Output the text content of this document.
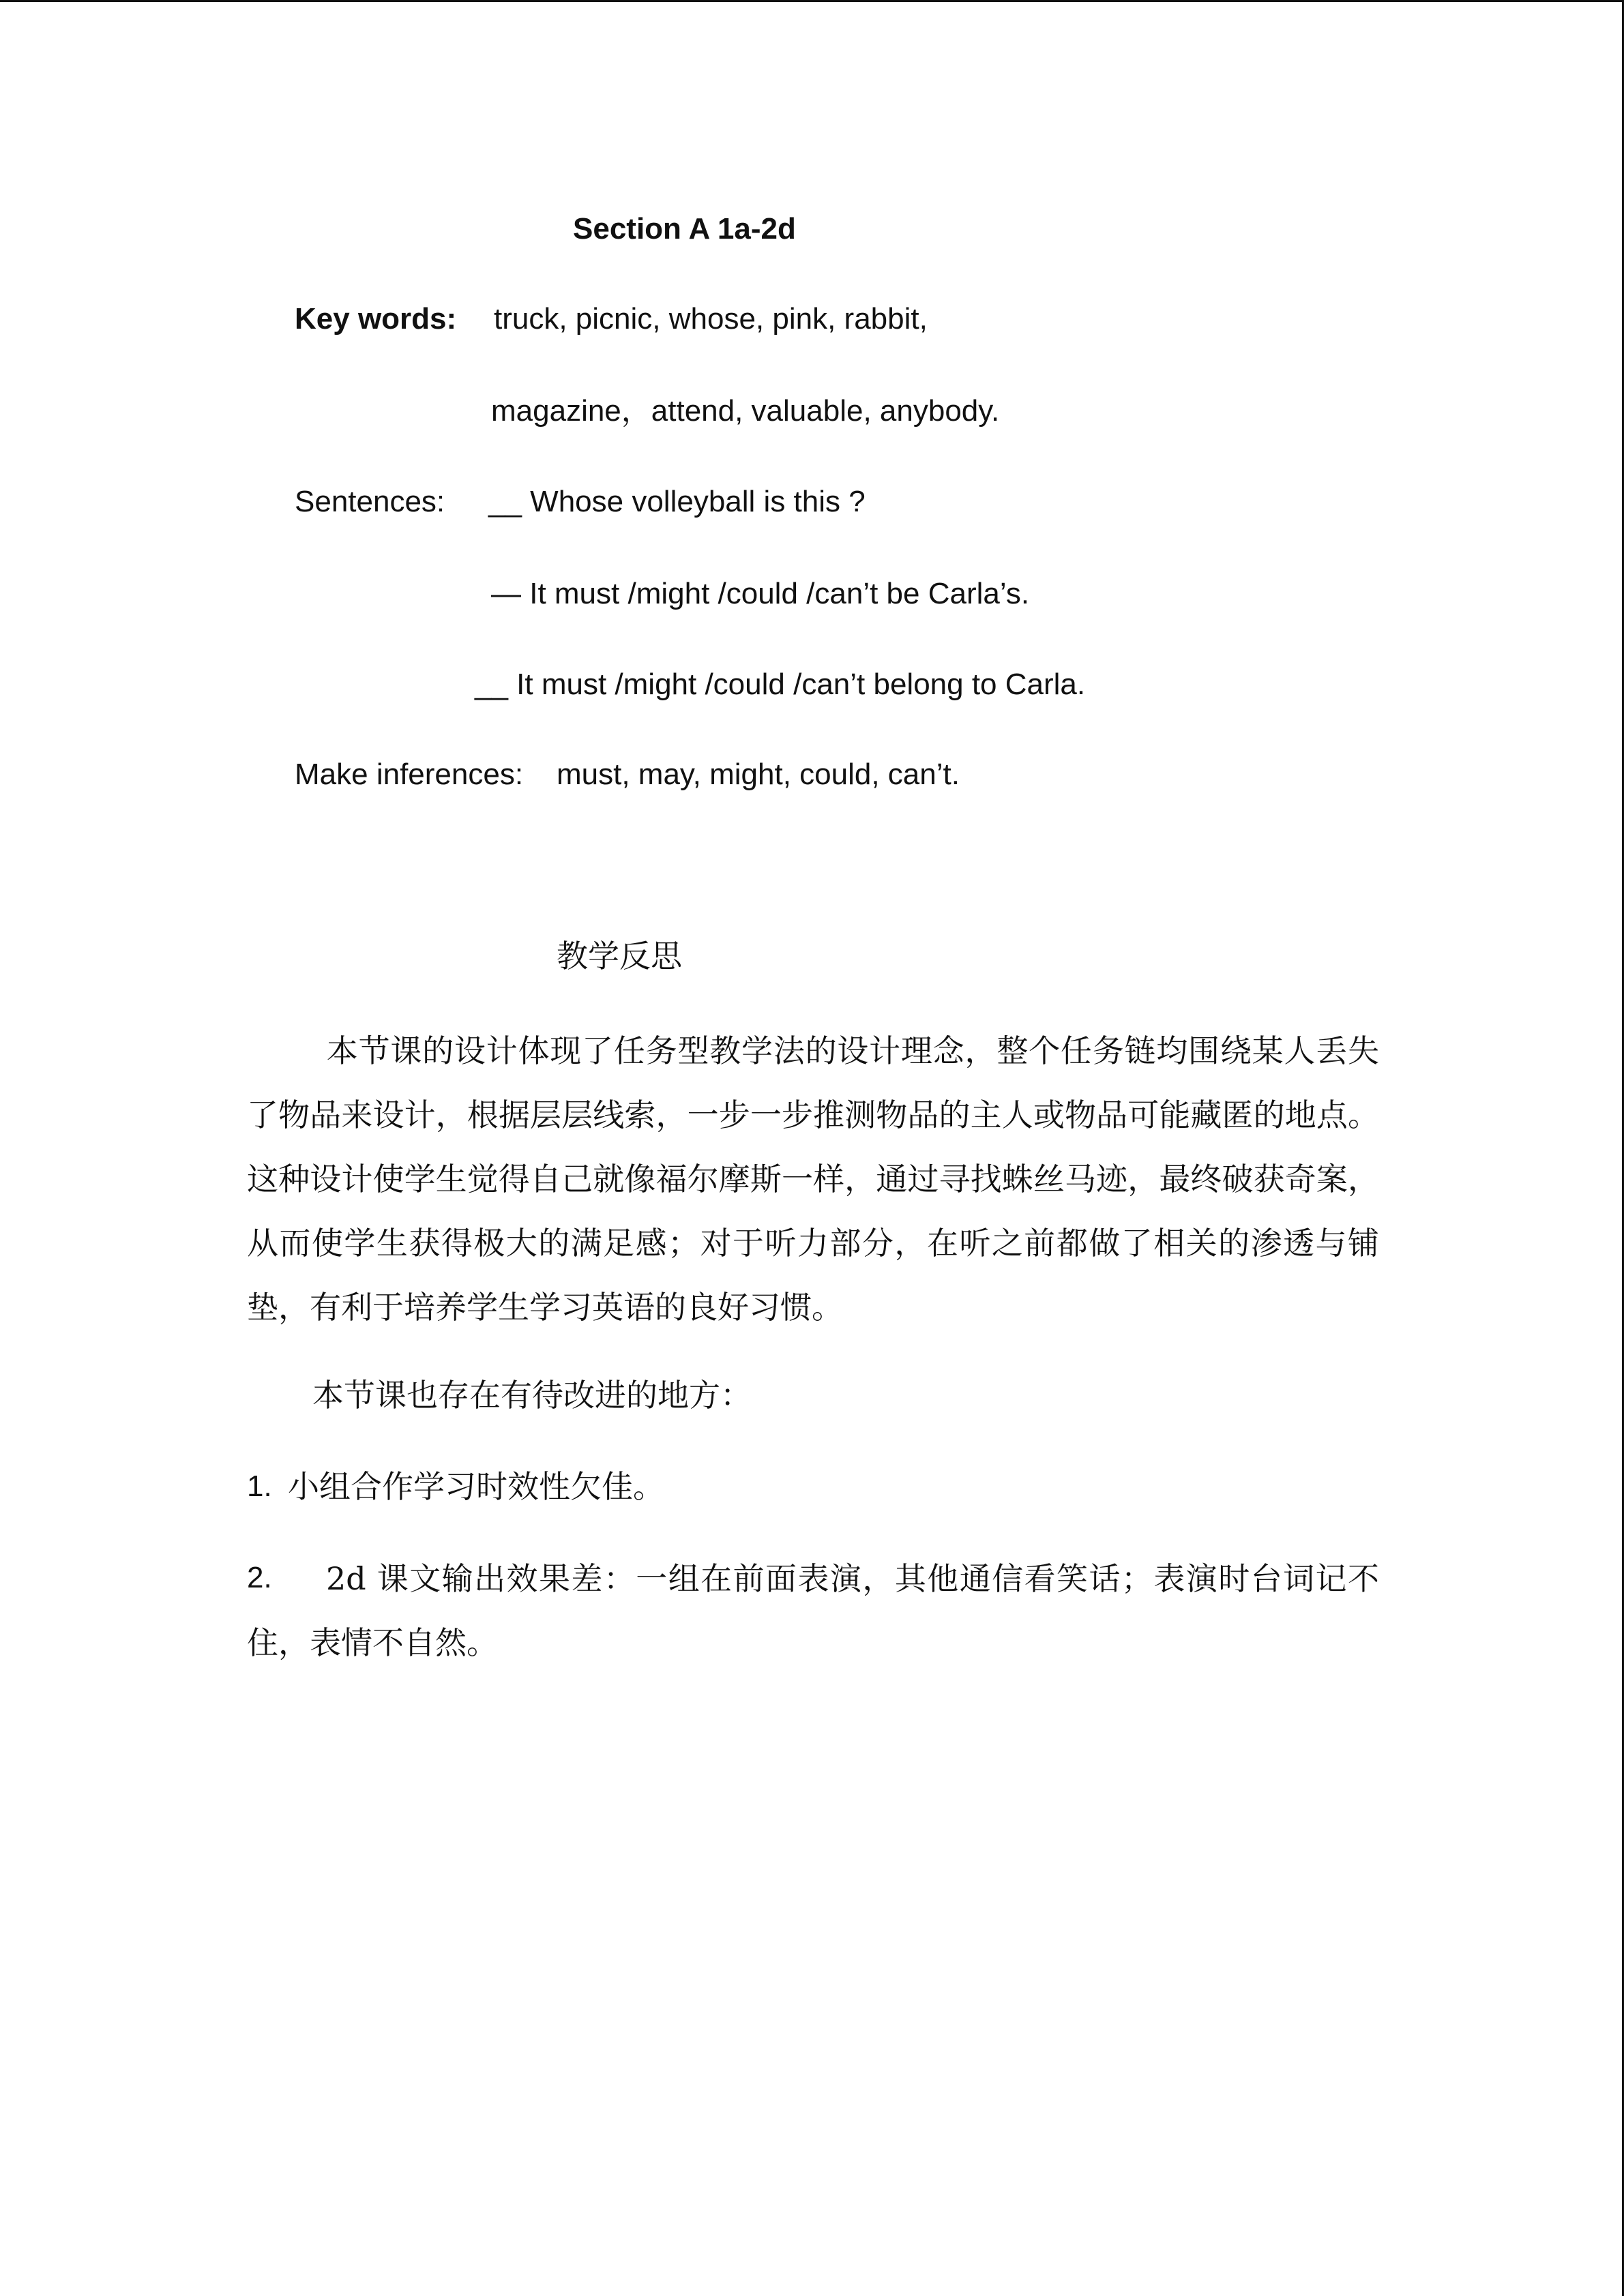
Section A 1a-2d
Key words: truck, picnic, whose, pink, rabbit,
magazine，attend, valuable, anybody.
Sentences: __ Whose volleyball is this ?
— It must /might /could /can’t be Carla’s.
__ It must /might /could /can’t belong to Carla.
Make inferences: must, may, might, could, can’t.
教学反思
本节课的设计体现了任务型教学法的设计理念，整个任务链均围绕某人丢失了物品来设计，根据层层线索，一步一步推测物品的主人或物品可能藏匿的地点。这种设计使学生觉得自己就像福尔摩斯一样，通过寻找蛛丝马迹，最终破获奇案，从而使学生获得极大的满足感；对于听力部分，在听之前都做了相关的渗透与铺垫，有利于培养学生学习英语的良好习惯。
本节课也存在有待改进的地方：
1. 小组合作学习时效性欠佳。
2.	2d 课文输出效果差：一组在前面表演，其他通信看笑话；表演时台词记不住，表情不自然。
